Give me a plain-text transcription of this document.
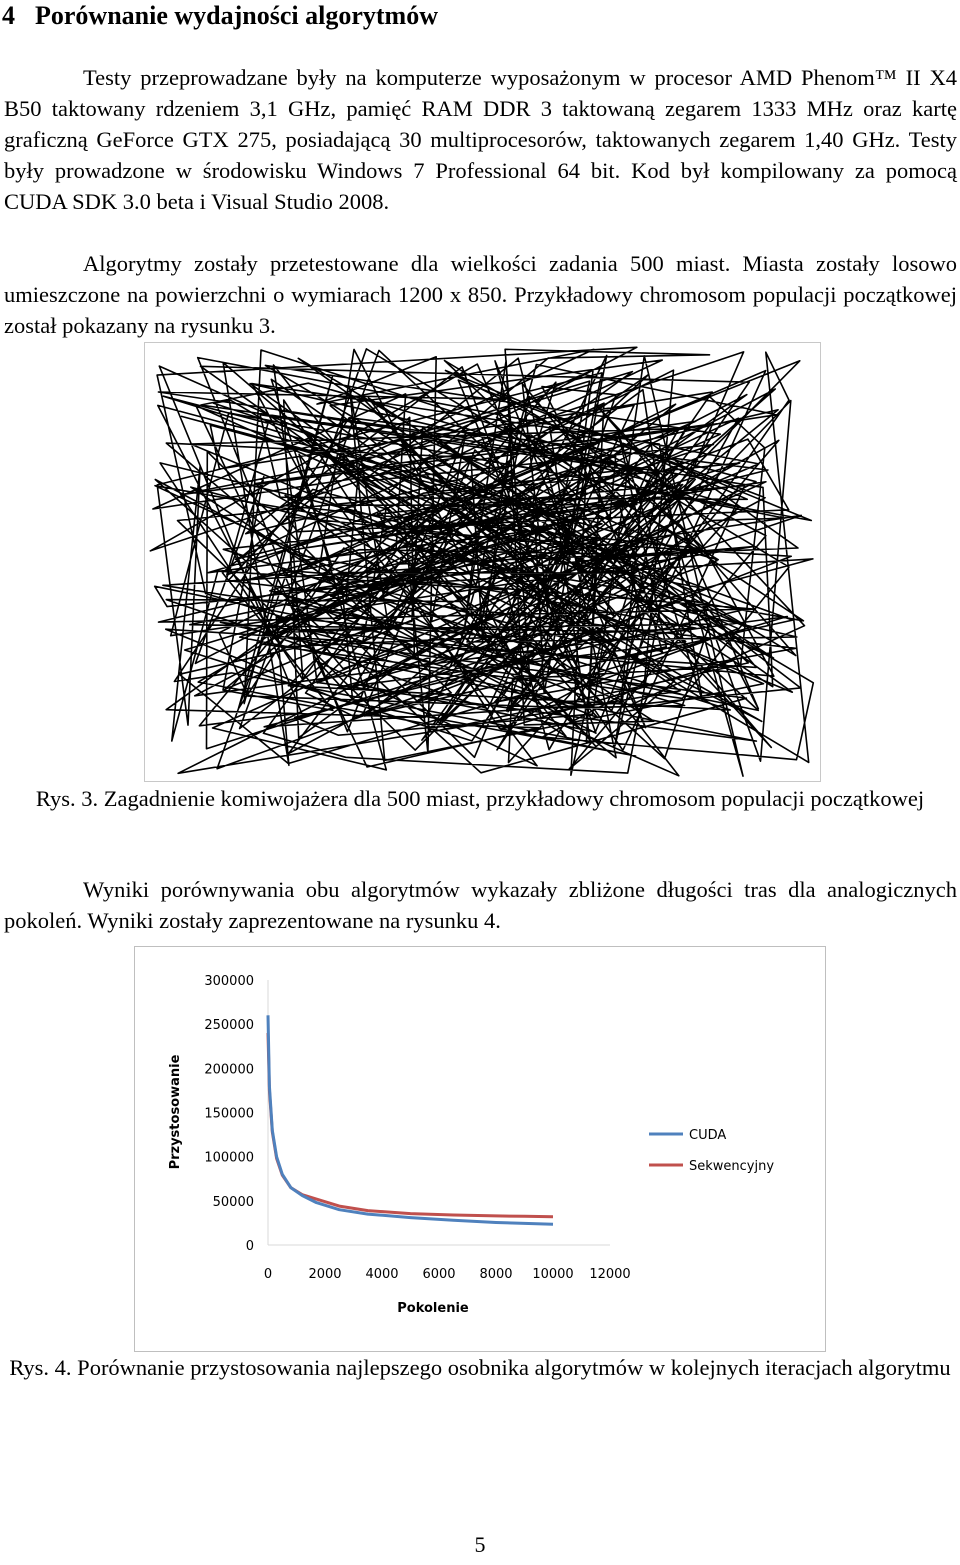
4 Porównanie wydajności algorytmów

Testy przeprowadzane były na komputerze wyposażonym w procesor AMD Phenom™ II X4 B50 taktowany rdzeniem 3,1 GHz, pamięć RAM DDR 3 taktowaną zegarem 1333 MHz oraz kartę graficzną GeForce GTX 275, posiadającą 30 multiprocesorów, taktowanych zegarem 1,40 GHz. Testy były prowadzone w środowisku Windows 7 Professional 64 bit. Kod był kompilowany za pomocą CUDA SDK 3.0 beta i Visual Studio 2008.

Algorytmy zostały przetestowane dla wielkości zadania 500 miast. Miasta zostały losowo umieszczone na powierzchni o wymiarach 1200 x 850. Przykładowy chromosom populacji początkowej został pokazany na rysunku 3.

Rys. 3. Zagadnienie komiwojażera dla 500 miast, przykładowy chromosom populacji początkowej

Wyniki porównywania obu algorytmów wykazały zbliżone długości tras dla analogicznych pokoleń. Wyniki zostały zaprezentowane na rysunku 4.

0
50000
100000
150000
200000
250000
300000
0	2000 4000 6000 8000 10000 12000
Pokolenie
Przystosowanie	CUDA
Sekwencyjny

Rys. 4. Porównanie przystosowania najlepszego osobnika algorytmów w kolejnych iteracjach algorytmu

5
